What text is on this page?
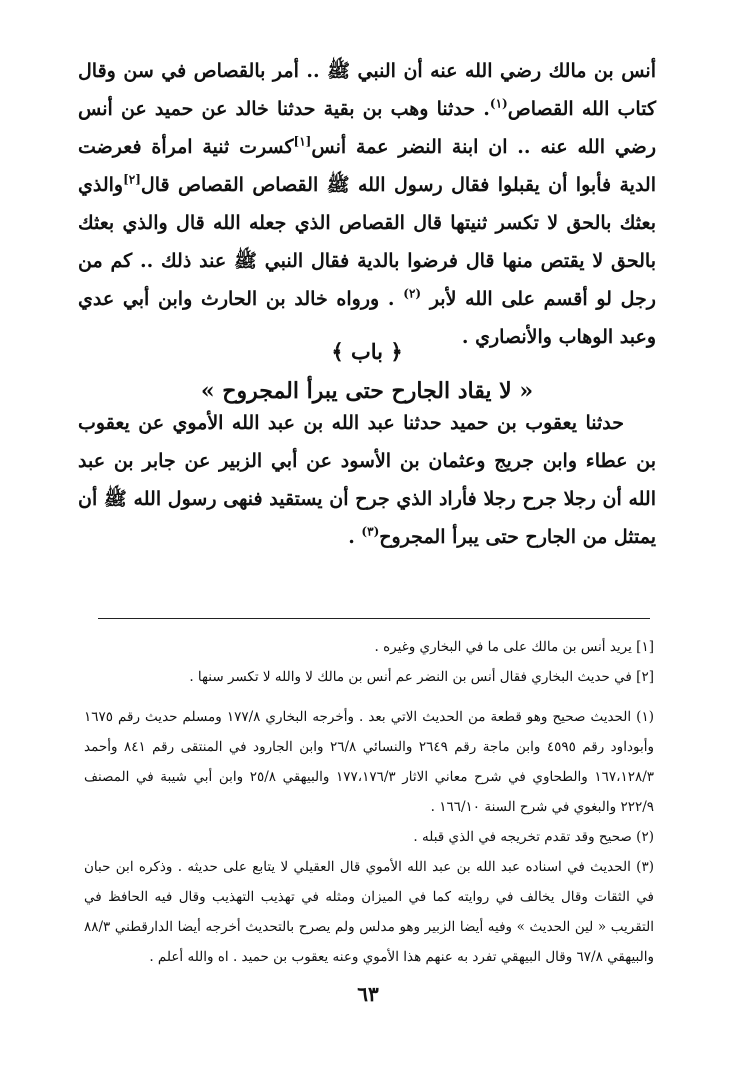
أنس بن مالك رضي الله عنه أن النبي ﷺ .. أمر بالقصاص في سن وقال كتاب الله القصاص$^{(١)}$. حدثنا وهب بن بقية حدثنا خالد عن حميد عن أنس رضي الله عنه .. ان ابنة النضر عمة أنس[١]كسرت ثنية امرأة فعرضت الدية فأبوا أن يقبلوا فقال رسول الله ﷺ القصاص القصاص قال[٢]والذي بعثك بالحق لا تكسر ثنيتها قال القصاص الذي جعله الله قال والذي بعثك بالحق لا يقتص منها قال فرضوا بالدية فقال النبي ﷺ عند ذلك .. كم من رجل لو أقسم على الله لأبر $^{(٢)}$ . ورواه خالد بن الحارث وابن أبي عدي وعبد الوهاب والأنصاري .

﴿ باب ﴾
« لا يقاد الجارح حتى يبرأ المجروح »
حدثنا يعقوب بن حميد حدثنا عبد الله بن عبد الله الأموي عن يعقوب بن عطاء وابن جريج وعثمان بن الأسود عن أبي الزبير عن جابر بن عبد الله أن رجلا جرح رجلا فأراد الذي جرح أن يستقيد فنهى رسول الله ﷺ أن يمتثل من الجارح حتى يبرأ المجروح$^{(٣)}$ .

[١] يريد أنس بن مالك على ما في البخاري وغيره .

[٢] في حديث البخاري فقال أنس بن النضر عم أنس بن مالك لا والله لا تكسر سنها .

(١) الحديث صحيح وهو قطعة من الحديث الاتي بعد . وأخرجه البخاري ١٧٧/٨ ومسلم حديث رقم ١٦٧٥ وأبوداود رقم ٤٥٩٥ وابن ماجة رقم ٢٦٤٩ والنسائي ٢٦/٨ وابن الجارود في المنتقى رقم ٨٤١ وأحمد ١٦٧،١٢٨/٣ والطحاوي في شرح معاني الاثار ١٧٧،١٧٦/٣ والبيهقي ٢٥/٨ وابن أبي شيبة في المصنف ٢٢٢/٩ والبغوي في شرح السنة ١٦٦/١٠ .

(٢) صحيح وقد تقدم تخريجه في الذي قبله .

(٣) الحديث في اسناده عبد الله بن عبد الله الأموي قال العقيلي لا يتابع على حديثه . وذكره ابن حبان في الثقات وقال يخالف في روايته كما في الميزان ومثله في تهذيب التهذيب وقال فيه الحافظ في التقريب « لين الحديث » وفيه أيضا الزبير وهو مدلس ولم يصرح بالتحديث أخرجه أيضا الدارقطني ٨٨/٣ والبيهقي ٦٧/٨ وقال البيهقي تفرد به عنهم هذا الأموي وعنه يعقوب بن حميد . اه والله أعلم .

٦٣
